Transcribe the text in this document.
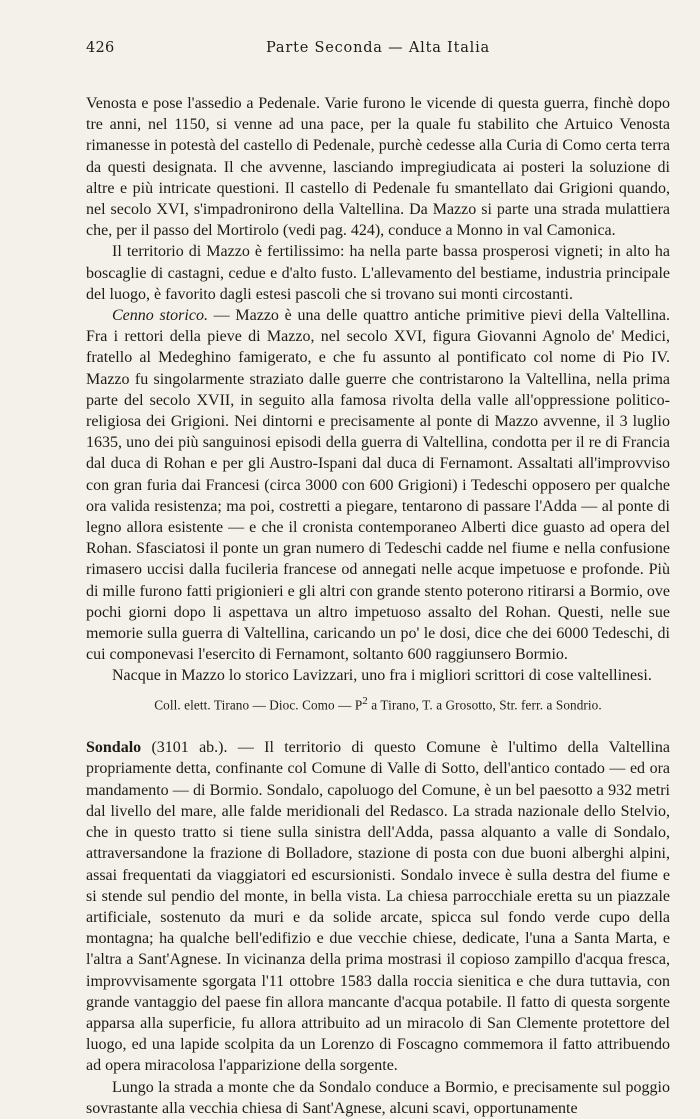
426	Parte Seconda — Alta Italia

Venosta e pose l'assedio a Pedenale. Varie furono le vicende di questa guerra, finchè dopo tre anni, nel 1150, si venne ad una pace, per la quale fu stabilito che Artuico Venosta rimanesse in potestà del castello di Pedenale, purchè cedesse alla Curia di Como certa terra da questi designata. Il che avvenne, lasciando impregiudicata ai posteri la soluzione di altre e più intricate questioni. Il castello di Pedenale fu smantellato dai Grigioni quando, nel secolo XVI, s'impadronirono della Valtellina. Da Mazzo si parte una strada mulattiera che, per il passo del Mortirolo (vedi pag. 424), conduce a Monno in val Camonica.

Il territorio di Mazzo è fertilissimo: ha nella parte bassa prosperosi vigneti; in alto ha boscaglie di castagni, cedue e d'alto fusto. L'allevamento del bestiame, industria principale del luogo, è favorito dagli estesi pascoli che si trovano sui monti circostanti.

Cenno storico. — Mazzo è una delle quattro antiche primitive pievi della Valtellina. Fra i rettori della pieve di Mazzo, nel secolo XVI, figura Giovanni Agnolo de' Medici, fratello al Medeghino famigerato, e che fu assunto al pontificato col nome di Pio IV. Mazzo fu singolarmente straziato dalle guerre che contristarono la Valtellina, nella prima parte del secolo XVII, in seguito alla famosa rivolta della valle all'oppressione politico-religiosa dei Grigioni. Nei dintorni e precisamente al ponte di Mazzo avvenne, il 3 luglio 1635, uno dei più sanguinosi episodi della guerra di Valtellina, condotta per il re di Francia dal duca di Rohan e per gli Austro-Ispani dal duca di Fernamont. Assaltati all'improvviso con gran furia dai Francesi (circa 3000 con 600 Grigioni) i Tedeschi opposero per qualche ora valida resistenza; ma poi, costretti a piegare, tentarono di passare l'Adda — al ponte di legno allora esistente — e che il cronista contemporaneo Alberti dice guasto ad opera del Rohan. Sfasciatosi il ponte un gran numero di Tedeschi cadde nel fiume e nella confusione rimasero uccisi dalla fucileria francese od annegati nelle acque impetuose e profonde. Più di mille furono fatti prigionieri e gli altri con grande stento poterono ritirarsi a Bormio, ove pochi giorni dopo li aspettava un altro impetuoso assalto del Rohan. Questi, nelle sue memorie sulla guerra di Valtellina, caricando un po' le dosi, dice che dei 6000 Tedeschi, di cui componevasi l'esercito di Fernamont, soltanto 600 raggiunsero Bormio.

Nacque in Mazzo lo storico Lavizzari, uno fra i migliori scrittori di cose valtellinesi.

Coll. elett. Tirano — Dioc. Como — $P^2$ a Tirano, T. a Grosotto, Str. ferr. a Sondrio.

Sondalo (3101 ab.). — Il territorio di questo Comune è l'ultimo della Valtellina propriamente detta, confinante col Comune di Valle di Sotto, dell'antico contado — ed ora mandamento — di Bormio. Sondalo, capoluogo del Comune, è un bel paesotto a 932 metri dal livello del mare, alle falde meridionali del Redasco. La strada nazionale dello Stelvio, che in questo tratto si tiene sulla sinistra dell'Adda, passa alquanto a valle di Sondalo, attraversandone la frazione di Bolladore, stazione di posta con due buoni alberghi alpini, assai frequentati da viaggiatori ed escursionisti. Sondalo invece è sulla destra del fiume e si stende sul pendio del monte, in bella vista. La chiesa parrocchiale eretta su un piazzale artificiale, sostenuto da muri e da solide arcate, spicca sul fondo verde cupo della montagna; ha qualche bell'edifizio e due vecchie chiese, dedicate, l'una a Santa Marta, e l'altra a Sant'Agnese. In vicinanza della prima mostrasi il copioso zampillo d'acqua fresca, improvvisamente sgorgata l'11 ottobre 1583 dalla roccia sienitica e che dura tuttavia, con grande vantaggio del paese fin allora mancante d'acqua potabile. Il fatto di questa sorgente apparsa alla superficie, fu allora attribuito ad un miracolo di San Clemente protettore del luogo, ed una lapide scolpita da un Lorenzo di Foscagno commemora il fatto attribuendo ad opera miracolosa l'apparizione della sorgente.

Lungo la strada a monte che da Sondalo conduce a Bormio, e precisamente sul poggio sovrastante alla vecchia chiesa di Sant'Agnese, alcuni scavi, opportunamente
